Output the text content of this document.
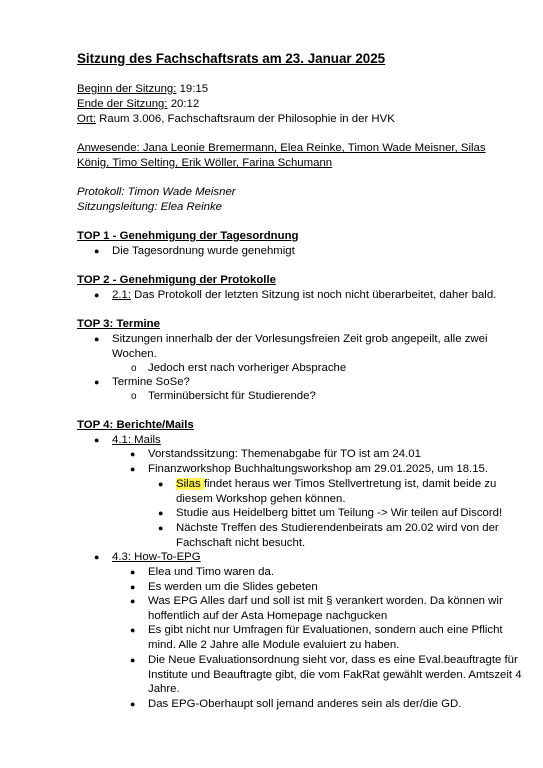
Sitzung des Fachschaftsrats am 23. Januar 2025
Beginn der Sitzung: 19:15
Ende der Sitzung: 20:12
Ort: Raum 3.006, Fachschaftsraum der Philosophie in der HVK
Anwesende: Jana Leonie Bremermann, Elea Reinke, Timon Wade Meisner, Silas
König, Timo Selting, Erik Wöller, Farina Schumann
Protokoll: Timon Wade Meisner
Sitzungsleitung: Elea Reinke
TOP 1 - Genehmigung der Tagesordnung
● Die Tagesordnung wurde genehmigt
TOP 2 - Genehmigung der Protokolle
● 2.1: Das Protokoll der letzten Sitzung ist noch nicht überarbeitet, daher bald.
TOP 3: Termine
● Sitzungen innerhalb der der Vorlesungsfreien Zeit grob angepeilt, alle zwei
Wochen.
o Jedoch erst nach vorheriger Absprache
● Termine SoSe?
o Terminübersicht für Studierende?
TOP 4: Berichte/Mails
● 4.1: Mails
● Vorstandssitzung: Themenabgabe für TO ist am 24.01
● Finanzworkshop Buchhaltungsworkshop am 29.01.2025, um 18.15.
● Silas findet heraus wer Timos Stellvertretung ist, damit beide zu
diesem Workshop gehen können.
● Studie aus Heidelberg bittet um Teilung -> Wir teilen auf Discord!
● Nächste Treffen des Studierendenbeirats am 20.02 wird von der
Fachschaft nicht besucht.
● 4.3: How-To-EPG
● Elea und Timo waren da.
● Es werden um die Slides gebeten
● Was EPG Alles darf und soll ist mit § verankert worden. Da können wir
hoffentlich auf der Asta Homepage nachgucken
● Es gibt nicht nur Umfragen für Evaluationen, sondern auch eine Pflicht
mind. Alle 2 Jahre alle Module evaluiert zu haben.
● Die Neue Evaluationsordnung sieht vor, dass es eine Eval.beauftragte für
Institute und Beauftragte gibt, die vom FakRat gewählt werden. Amtszeit 4
Jahre.
● Das EPG-Oberhaupt soll jemand anderes sein als der/die GD.
